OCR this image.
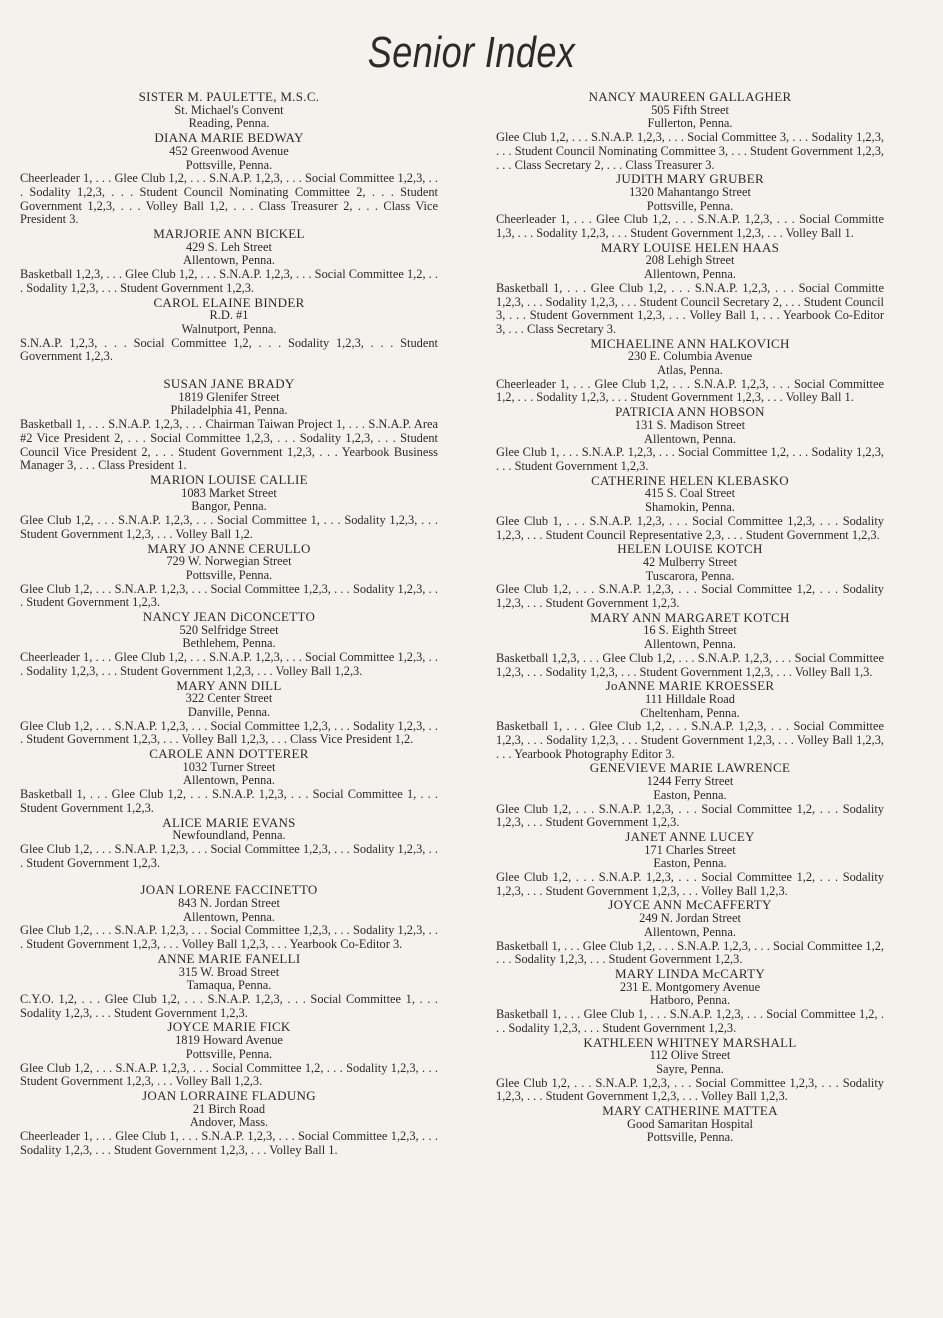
Senior Index
SISTER M. PAULETTE, M.S.C.
St. Michael's Convent
Reading, Penna.
DIANA MARIE BEDWAY
452 Greenwood Avenue
Pottsville, Penna.
Cheerleader 1, . . . Glee Club 1,2, . . . S.N.A.P. 1,2,3, . . . Social Committee 1,2,3, . . . Sodality 1,2,3, . . . Student Council Nominating Committee 2, . . . Student Government 1,2,3, . . . Volley Ball 1,2, . . . Class Treasurer 2, . . . Class Vice President 3.
MARJORIE ANN BICKEL
429 S. Leh Street
Allentown, Penna.
Basketball 1,2,3, . . . Glee Club 1,2, . . . S.N.A.P. 1,2,3, . . . Social Committee 1,2, . . . Sodality 1,2,3, . . . Student Government 1,2,3.
CAROL ELAINE BINDER
R.D. #1
Walnutport, Penna.
S.N.A.P. 1,2,3, . . . Social Committee 1,2, . . . Sodality 1,2,3, . . . Student Government 1,2,3.
SUSAN JANE BRADY
1819 Glenifer Street
Philadelphia 41, Penna.
Basketball 1, . . . S.N.A.P. 1,2,3, . . . Chairman Taiwan Project 1, . . . S.N.A.P. Area #2 Vice President 2, . . . Social Committee 1,2,3, . . . Sodality 1,2,3, . . . Student Council Vice President 2, . . . Student Government 1,2,3, . . . Yearbook Business Manager 3, . . . Class President 1.
MARION LOUISE CALLIE
1083 Market Street
Bangor, Penna.
Glee Club 1,2, . . . S.N.A.P. 1,2,3, . . . Social Committee 1, . . . Sodality 1,2,3, . . . Student Government 1,2,3, . . . Volley Ball 1,2.
MARY JO ANNE CERULLO
729 W. Norwegian Street
Pottsville, Penna.
Glee Club 1,2, . . . S.N.A.P. 1,2,3, . . . Social Committee 1,2,3, . . . Sodality 1,2,3, . . . Student Government 1,2,3.
NANCY JEAN DiCONCETTO
520 Selfridge Street
Bethlehem, Penna.
Cheerleader 1, . . . Glee Club 1,2, . . . S.N.A.P. 1,2,3, . . . Social Committee 1,2,3, . . . Sodality 1,2,3, . . . Student Government 1,2,3, . . . Volley Ball 1,2,3.
MARY ANN DILL
322 Center Street
Danville, Penna.
Glee Club 1,2, . . . S.N.A.P. 1,2,3, . . . Social Committee 1,2,3, . . . Sodality 1,2,3, . . . Student Government 1,2,3, . . . Volley Ball 1,2,3, . . . Class Vice President 1,2.
CAROLE ANN DOTTERER
1032 Turner Street
Allentown, Penna.
Basketball 1, . . . Glee Club 1,2, . . . S.N.A.P. 1,2,3, . . . Social Committee 1, . . . Student Government 1,2,3.
ALICE MARIE EVANS
Newfoundland, Penna.
Glee Club 1,2, . . . S.N.A.P. 1,2,3, . . . Social Committee 1,2,3, . . . Sodality 1,2,3, . . . Student Government 1,2,3.
JOAN LORENE FACCINETTO
843 N. Jordan Street
Allentown, Penna.
Glee Club 1,2, . . . S.N.A.P. 1,2,3, . . . Social Committee 1,2,3, . . . Sodality 1,2,3, . . . Student Government 1,2,3, . . . Volley Ball 1,2,3, . . . Yearbook Co-Editor 3.
ANNE MARIE FANELLI
315 W. Broad Street
Tamaqua, Penna.
C.Y.O. 1,2, . . . Glee Club 1,2, . . . S.N.A.P. 1,2,3, . . . Social Committee 1, . . . Sodality 1,2,3, . . . Student Government 1,2,3.
JOYCE MARIE FICK
1819 Howard Avenue
Pottsville, Penna.
Glee Club 1,2, . . . S.N.A.P. 1,2,3, . . . Social Committee 1,2, . . . Sodality 1,2,3, . . . Student Government 1,2,3, . . . Volley Ball 1,2,3.
JOAN LORRAINE FLADUNG
21 Birch Road
Andover, Mass.
Cheerleader 1, . . . Glee Club 1, . . . S.N.A.P. 1,2,3, . . . Social Committee 1,2,3, . . . Sodality 1,2,3, . . . Student Government 1,2,3, . . . Volley Ball 1.
NANCY MAUREEN GALLAGHER
505 Fifth Street
Fullerton, Penna.
Glee Club 1,2, . . . S.N.A.P. 1,2,3, . . . Social Committee 3, . . . Sodality 1,2,3, . . . Student Council Nominating Committee 3, . . . Student Government 1,2,3, . . . Class Secretary 2, . . . Class Treasurer 3.
JUDITH MARY GRUBER
1320 Mahantango Street
Pottsville, Penna.
Cheerleader 1, . . . Glee Club 1,2, . . . S.N.A.P. 1,2,3, . . . Social Committe 1,3, . . . Sodality 1,2,3, . . . Student Government 1,2,3, . . . Volley Ball 1.
MARY LOUISE HELEN HAAS
208 Lehigh Street
Allentown, Penna.
Basketball 1, . . . Glee Club 1,2, . . . S.N.A.P. 1,2,3, . . . Social Committe 1,2,3, . . . Sodality 1,2,3, . . . Student Council Secretary 2, . . . Student Council 3, . . . Student Government 1,2,3, . . . Volley Ball 1, . . . Yearbook Co-Editor 3, . . . Class Secretary 3.
MICHAELINE ANN HALKOVICH
230 E. Columbia Avenue
Atlas, Penna.
Cheerleader 1, . . . Glee Club 1,2, . . . S.N.A.P. 1,2,3, . . . Social Committee 1,2, . . . Sodality 1,2,3, . . . Student Government 1,2,3, . . . Volley Ball 1.
PATRICIA ANN HOBSON
131 S. Madison Street
Allentown, Penna.
Glee Club 1, . . . S.N.A.P. 1,2,3, . . . Social Committee 1,2, . . . Sodality 1,2,3, . . . Student Government 1,2,3.
CATHERINE HELEN KLEBASKO
415 S. Coal Street
Shamokin, Penna.
Glee Club 1, . . . S.N.A.P. 1,2,3, . . . Social Committee 1,2,3, . . . Sodality 1,2,3, . . . Student Council Representative 2,3, . . . Student Government 1,2,3.
HELEN LOUISE KOTCH
42 Mulberry Street
Tuscarora, Penna.
Glee Club 1,2, . . . S.N.A.P. 1,2,3, . . . Social Committee 1,2, . . . Sodality 1,2,3, . . . Student Government 1,2,3.
MARY ANN MARGARET KOTCH
16 S. Eighth Street
Allentown, Penna.
Basketball 1,2,3, . . . Glee Club 1,2, . . . S.N.A.P. 1,2,3, . . . Social Committee 1,2,3, . . . Sodality 1,2,3, . . . Student Government 1,2,3, . . . Volley Ball 1,3.
JoANNE MARIE KROESSER
111 Hilldale Road
Cheltenham, Penna.
Basketball 1, . . . Glee Club 1,2, . . . S.N.A.P. 1,2,3, . . . Social Committee 1,2,3, . . . Sodality 1,2,3, . . . Student Government 1,2,3, . . . Volley Ball 1,2,3, . . . Yearbook Photography Editor 3.
GENEVIEVE MARIE LAWRENCE
1244 Ferry Street
Easton, Penna.
Glee Club 1,2, . . . S.N.A.P. 1,2,3, . . . Social Committee 1,2, . . . Sodality 1,2,3, . . . Student Government 1,2,3.
JANET ANNE LUCEY
171 Charles Street
Easton, Penna.
Glee Club 1,2, . . . S.N.A.P. 1,2,3, . . . Social Committee 1,2, . . . Sodality 1,2,3, . . . Student Government 1,2,3, . . . Volley Ball 1,2,3.
JOYCE ANN McCAFFERTY
249 N. Jordan Street
Allentown, Penna.
Basketball 1, . . . Glee Club 1,2, . . . S.N.A.P. 1,2,3, . . . Social Committee 1,2, . . . Sodality 1,2,3, . . . Student Government 1,2,3.
MARY LINDA McCARTY
231 E. Montgomery Avenue
Hatboro, Penna.
Basketball 1, . . . Glee Club 1, . . . S.N.A.P. 1,2,3, . . . Social Committee 1,2, . . . Sodality 1,2,3, . . . Student Government 1,2,3.
KATHLEEN WHITNEY MARSHALL
112 Olive Street
Sayre, Penna.
Glee Club 1,2, . . . S.N.A.P. 1,2,3, . . . Social Committee 1,2,3, . . . Sodality 1,2,3, . . . Student Government 1,2,3, . . . Volley Ball 1,2,3.
MARY CATHERINE MATTEA
Good Samaritan Hospital
Pottsville, Penna.
